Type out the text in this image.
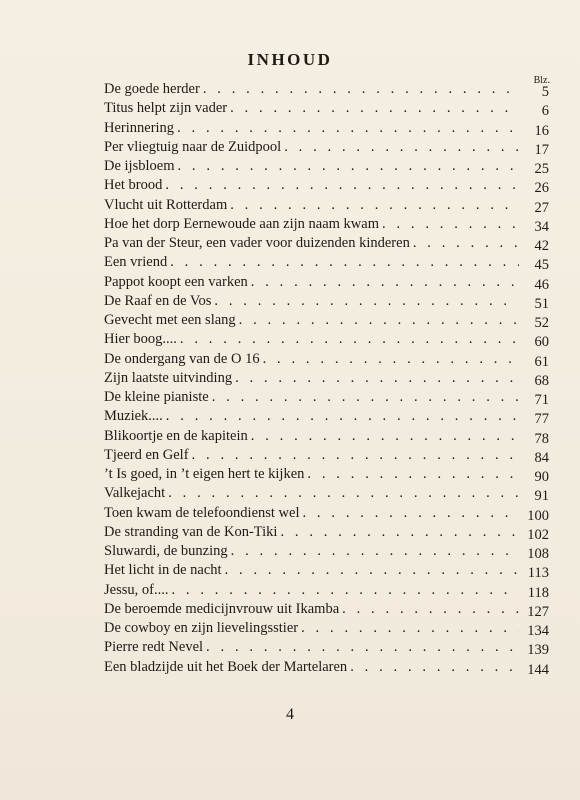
INHOUD
Blz.
De goede herder . . .	5
Titus helpt zijn vader . . .	6
Herinnering . . .	16
Per vliegtuig naar de Zuidpool . . .	17
De ijsbloem . . .	25
Het brood . . .	26
Vlucht uit Rotterdam . . .	27
Hoe het dorp Eernewoude aan zijn naam kwam . . .	34
Pa van der Steur, een vader voor duizenden kinderen . . .	42
Een vriend . . .	45
Pappot koopt een varken . . .	46
De Raaf en de Vos . . .	51
Gevecht met een slang . . .	52
Hier boog.... . . .	60
De ondergang van de O 16 . . .	61
Zijn laatste uitvinding . . .	68
De kleine pianiste . . .	71
Muziek.... . . .	77
Blikoortje en de kapitein . . .	78
Tjeerd en Gelf . . .	84
’t Is goed, in ’t eigen hert te kijken . . .	90
Valkejacht . . .	91
Toen kwam de telefoondienst wel . . .	100
De stranding van de Kon-Tiki . . .	102
Sluwardi, de bunzing . . .	108
Het licht in de nacht . . .	113
Jessu, of.... . . .	118
De beroemde medicijnvrouw uit Ikamba . . .	127
De cowboy en zijn lievelingsstier . . .	134
Pierre redt Nevel . . .	139
Een bladzijde uit het Boek der Martelaren . . .	144
4
